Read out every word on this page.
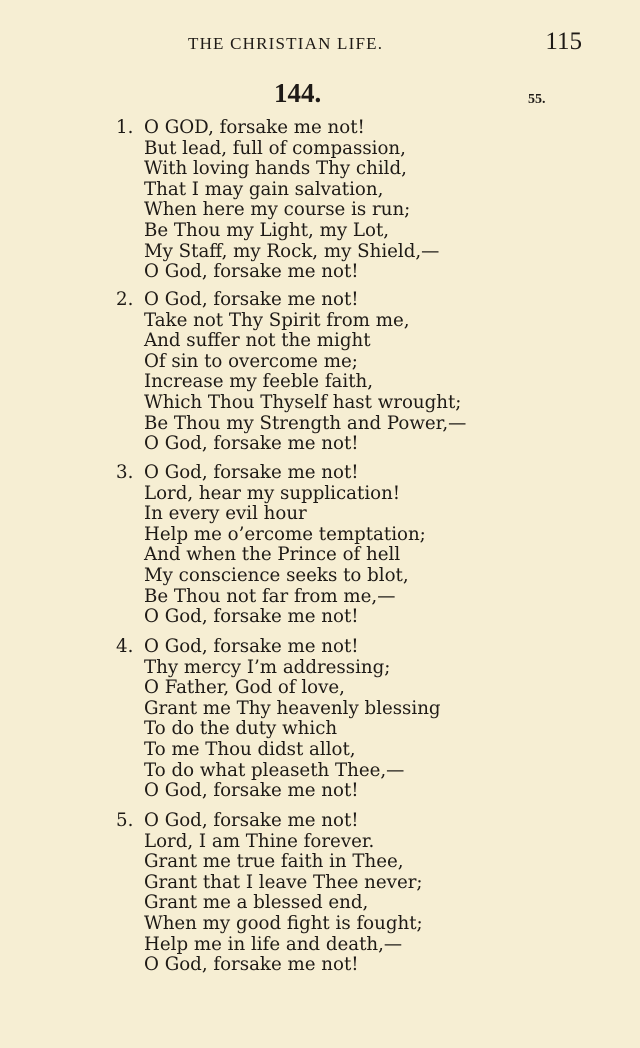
THE CHRISTIAN LIFE.	115
144.	55.
1. O GOD, forsake me not!
But lead, full of compassion,
With loving hands Thy child,
That I may gain salvation,
When here my course is run;
Be Thou my Light, my Lot,
My Staff, my Rock, my Shield,—
O God, forsake me not!
2. O God, forsake me not!
Take not Thy Spirit from me,
And suffer not the might
Of sin to overcome me;
Increase my feeble faith,
Which Thou Thyself hast wrought;
Be Thou my Strength and Power,—
O God, forsake me not!
3. O God, forsake me not!
Lord, hear my supplication!
In every evil hour
Help me o’ercome temptation;
And when the Prince of hell
My conscience seeks to blot,
Be Thou not far from me,—
O God, forsake me not!
4. O God, forsake me not!
Thy mercy I’m addressing;
O Father, God of love,
Grant me Thy heavenly blessing
To do the duty which
To me Thou didst allot,
To do what pleaseth Thee,—
O God, forsake me not!
5. O God, forsake me not!
Lord, I am Thine forever.
Grant me true faith in Thee,
Grant that I leave Thee never;
Grant me a blessed end,
When my good fight is fought;
Help me in life and death,—
O God, forsake me not!
